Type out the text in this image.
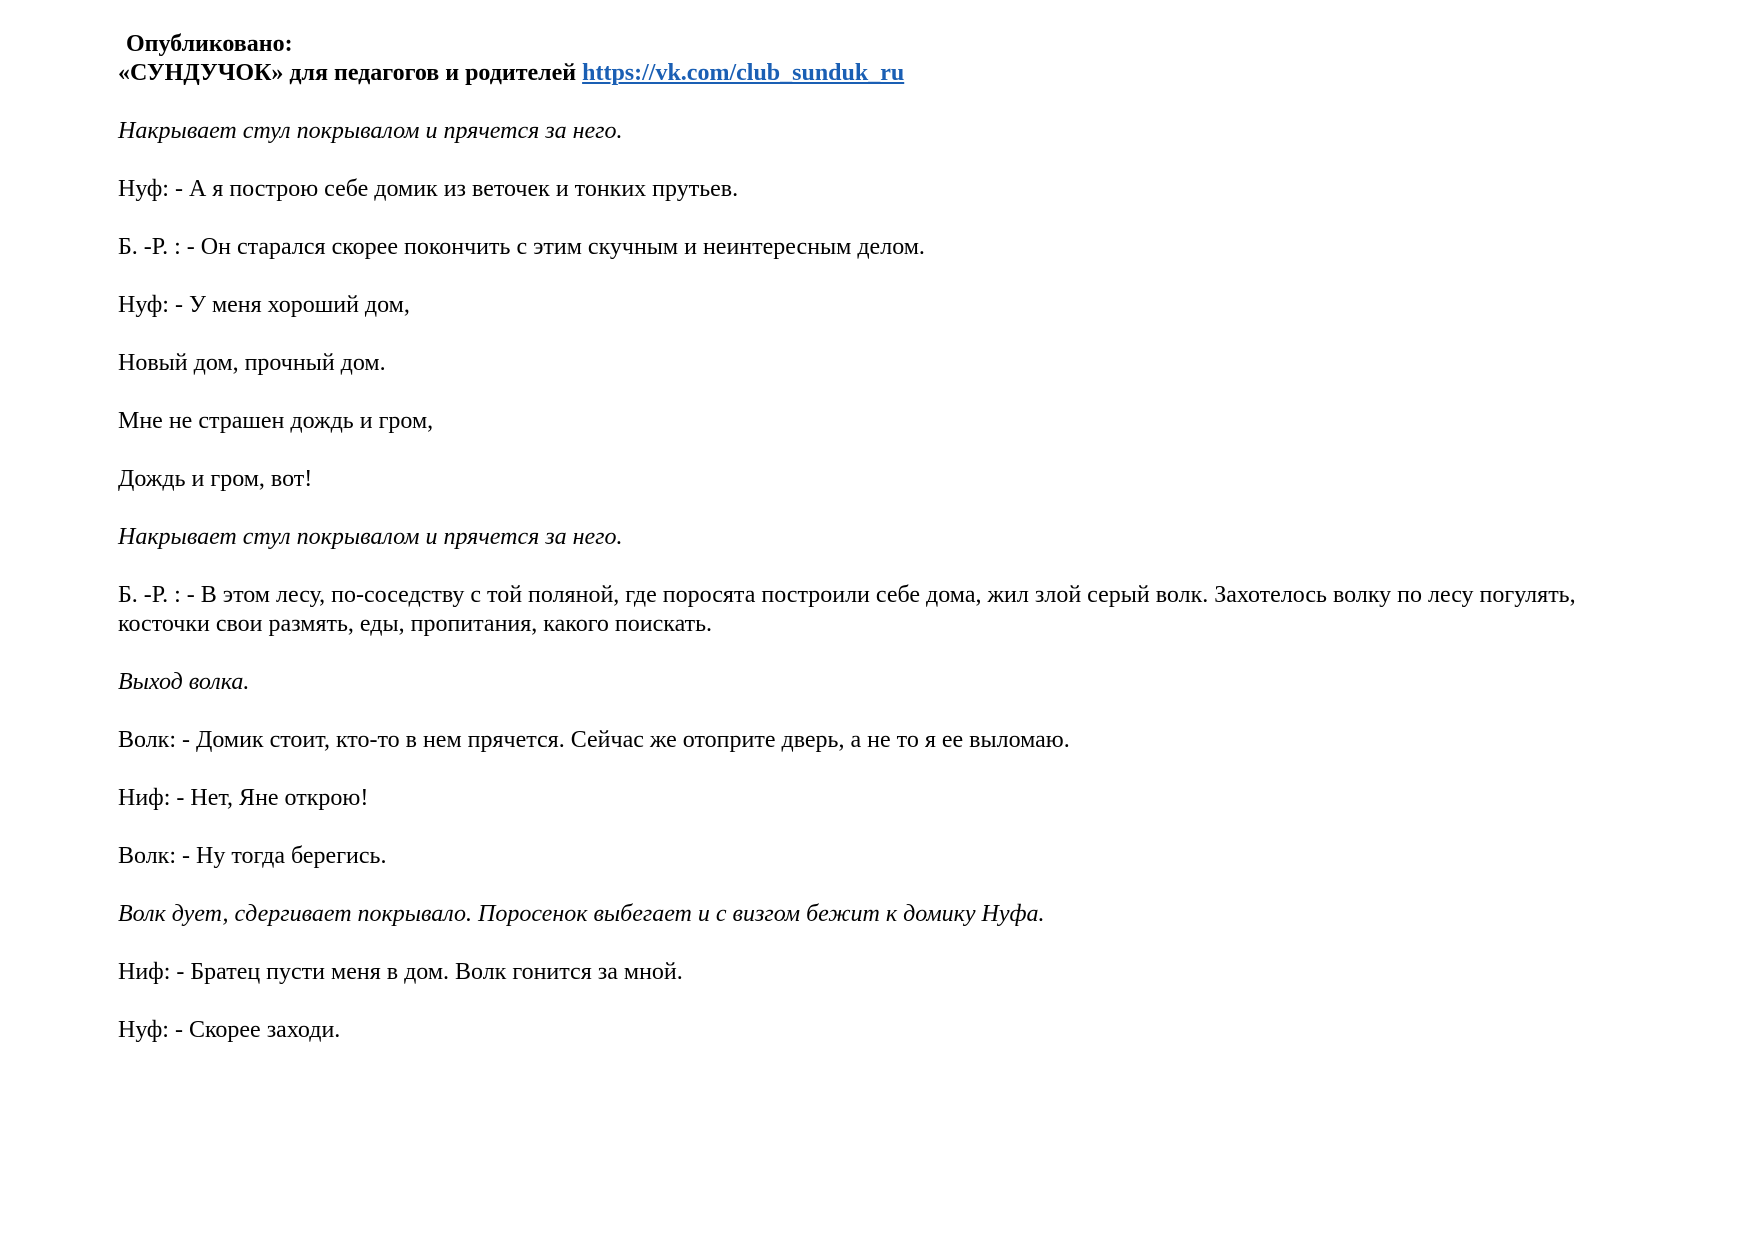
Опубликовано:
«СУНДУЧОК» для педагогов и родителей https://vk.com/club_sunduk_ru

Накрывает стул покрывалом и прячется за него.

Нуф: - А я построю себе домик из веточек и тонких прутьев.

Б. -Р. : - Он старался скорее покончить с этим скучным и неинтересным делом.

Нуф: - У меня хороший дом,

Новый дом, прочный дом.

Мне не страшен дождь и гром,

Дождь и гром, вот!

Накрывает стул покрывалом и прячется за него.

Б. -Р. : - В этом лесу, по-соседству с той поляной, где поросята построили себе дома, жил злой серый волк. Захотелось волку по лесу погулять, косточки свои размять, еды, пропитания, какого поискать.

Выход волка.

Волк: - Домик стоит, кто-то в нем прячется. Сейчас же отоприте дверь, а не то я ее выломаю.

Ниф: - Нет, Яне открою!

Волк: - Ну тогда берегись.

Волк дует, сдергивает покрывало. Поросенок выбегает и с визгом бежит к домику Нуфа.

Ниф: - Братец пусти меня в дом. Волк гонится за мной.

Нуф: - Скорее заходи.
